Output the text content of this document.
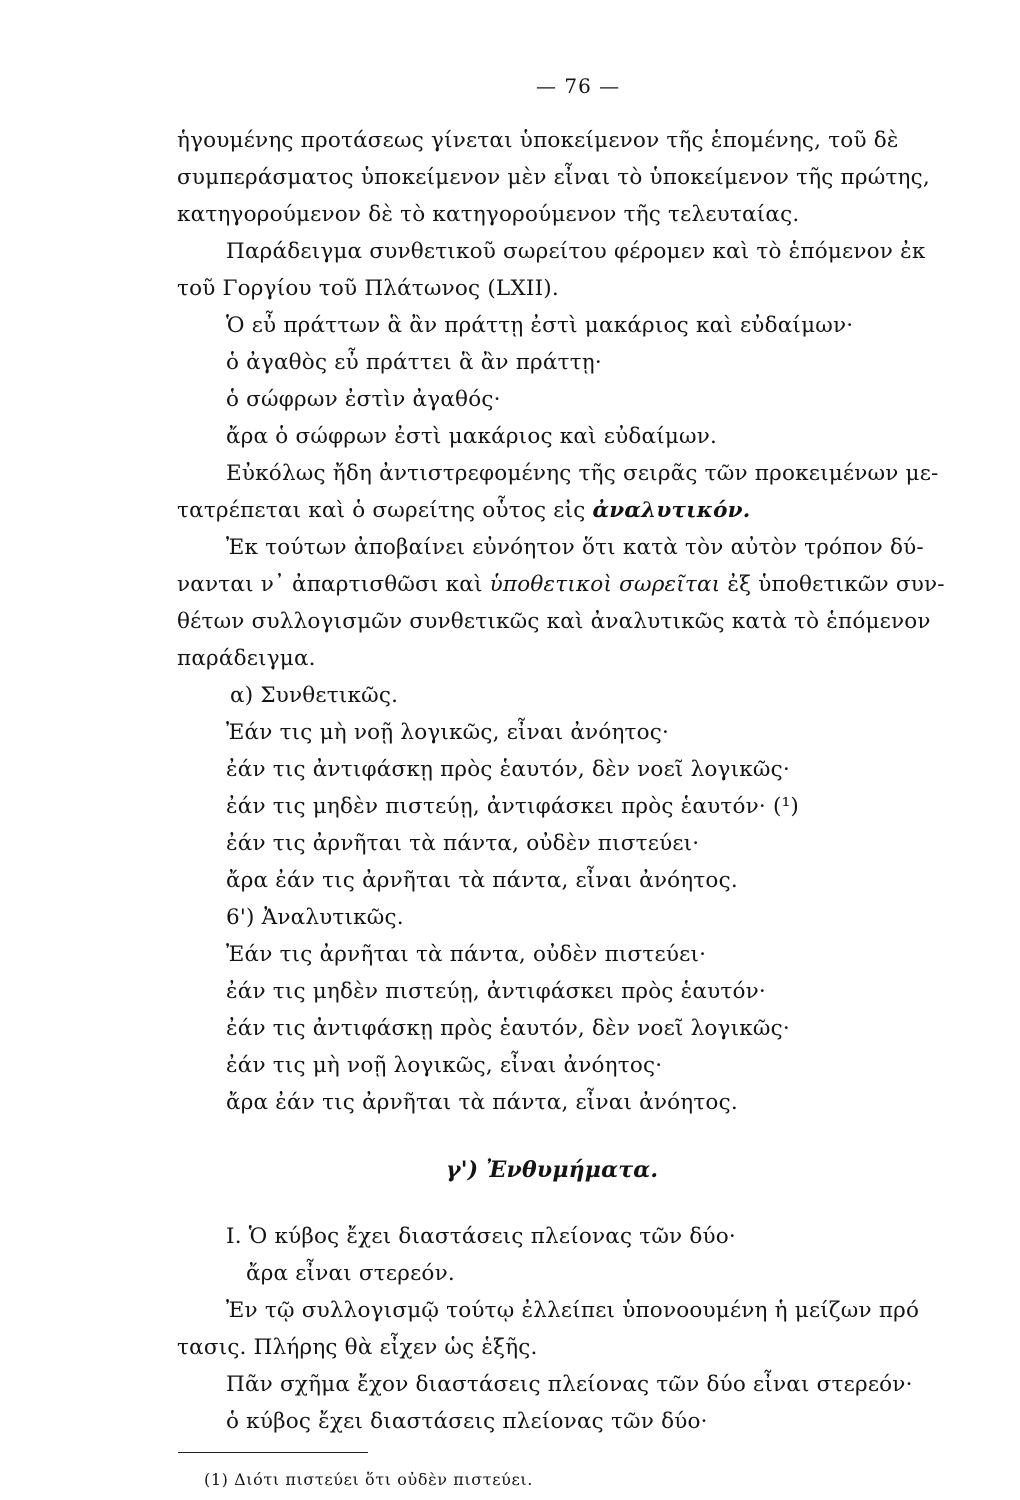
— 76 —
ἡγουμένης προτάσεως γίνεται ὑποκείμενον τῆς ἑπομένης, τοῦ δὲ
συμπεράσματος ὑποκείμενον μὲν εἶναι τὸ ὑποκείμενον τῆς πρώτης,
κατηγορούμενον δὲ τὸ κατηγορούμενον τῆς τελευταίας.
Παράδειγμα συνθετικοῦ σωρείτου φέρομεν καὶ τὸ ἑπόμενον ἐκ
τοῦ Γοργίου τοῦ Πλάτωνος (LXII).
Ὁ εὖ πράττων ἃ ἂν πράττῃ ἐστὶ μακάριος καὶ εὐδαίμων·
ὁ ἀγαθὸς εὖ πράττει ἃ ἂν πράττῃ·
ὁ σώφρων ἐστὶν ἀγαθός·
ἄρα ὁ σώφρων ἐστὶ μακάριος καὶ εὐδαίμων.
Εὐκόλως ἤδη ἀντιστρεφομένης τῆς σειρᾶς τῶν προκειμένων με-
τατρέπεται καὶ ὁ σωρείτης οὗτος εἰς ἀναλυτικόν.
Ἐκ τούτων ἀποβαίνει εὐνόητον ὅτι κατὰ τὸν αὐτὸν τρόπον δύ-
νανται ν᾿ ἀπαρτισθῶσι καὶ ὑποθετικοὶ σωρεῖται ἐξ ὑποθετικῶν συν-
θέτων συλλογισμῶν συνθετικῶς καὶ ἀναλυτικῶς κατὰ τὸ ἑπόμενον
παράδειγμα.
α) Συνθετικῶς.
Ἐάν τις μὴ νοῇ λογικῶς, εἶναι ἀνόητος·
ἐάν τις ἀντιφάσκῃ πρὸς ἑαυτόν, δὲν νοεῖ λογικῶς·
ἐάν τις μηδὲν πιστεύῃ, ἀντιφάσκει πρὸς ἑαυτόν· (¹)
ἐάν τις ἀρνῆται τὰ πάντα, οὐδὲν πιστεύει·
ἄρα ἐάν τις ἀρνῆται τὰ πάντα, εἶναι ἀνόητος.
6') Ἀναλυτικῶς.
Ἐάν τις ἀρνῆται τὰ πάντα, οὐδὲν πιστεύει·
ἐάν τις μηδὲν πιστεύῃ, ἀντιφάσκει πρὸς ἑαυτόν·
ἐάν τις ἀντιφάσκῃ πρὸς ἑαυτόν, δὲν νοεῖ λογικῶς·
ἐάν τις μὴ νοῇ λογικῶς, εἶναι ἀνόητος·
ἄρα ἐάν τις ἀρνῆται τὰ πάντα, εἶναι ἀνόητος.
γ') Ἐνθυμήματα.
Ι. Ὁ κύβος ἔχει διαστάσεις πλείονας τῶν δύο·
ἄρα εἶναι στερεόν.
Ἐν τῷ συλλογισμῷ τούτῳ ἐλλείπει ὑπονοουμένη ἡ μείζων πρό
τασις. Πλήρης θὰ εἶχεν ὡς ἑξῆς.
Πᾶν σχῆμα ἔχον διαστάσεις πλείονας τῶν δύο εἶναι στερεόν·
ὁ κύβος ἔχει διαστάσεις πλείονας τῶν δύο·
(1) Διότι πιστεύει ὅτι οὐδὲν πιστεύει.
